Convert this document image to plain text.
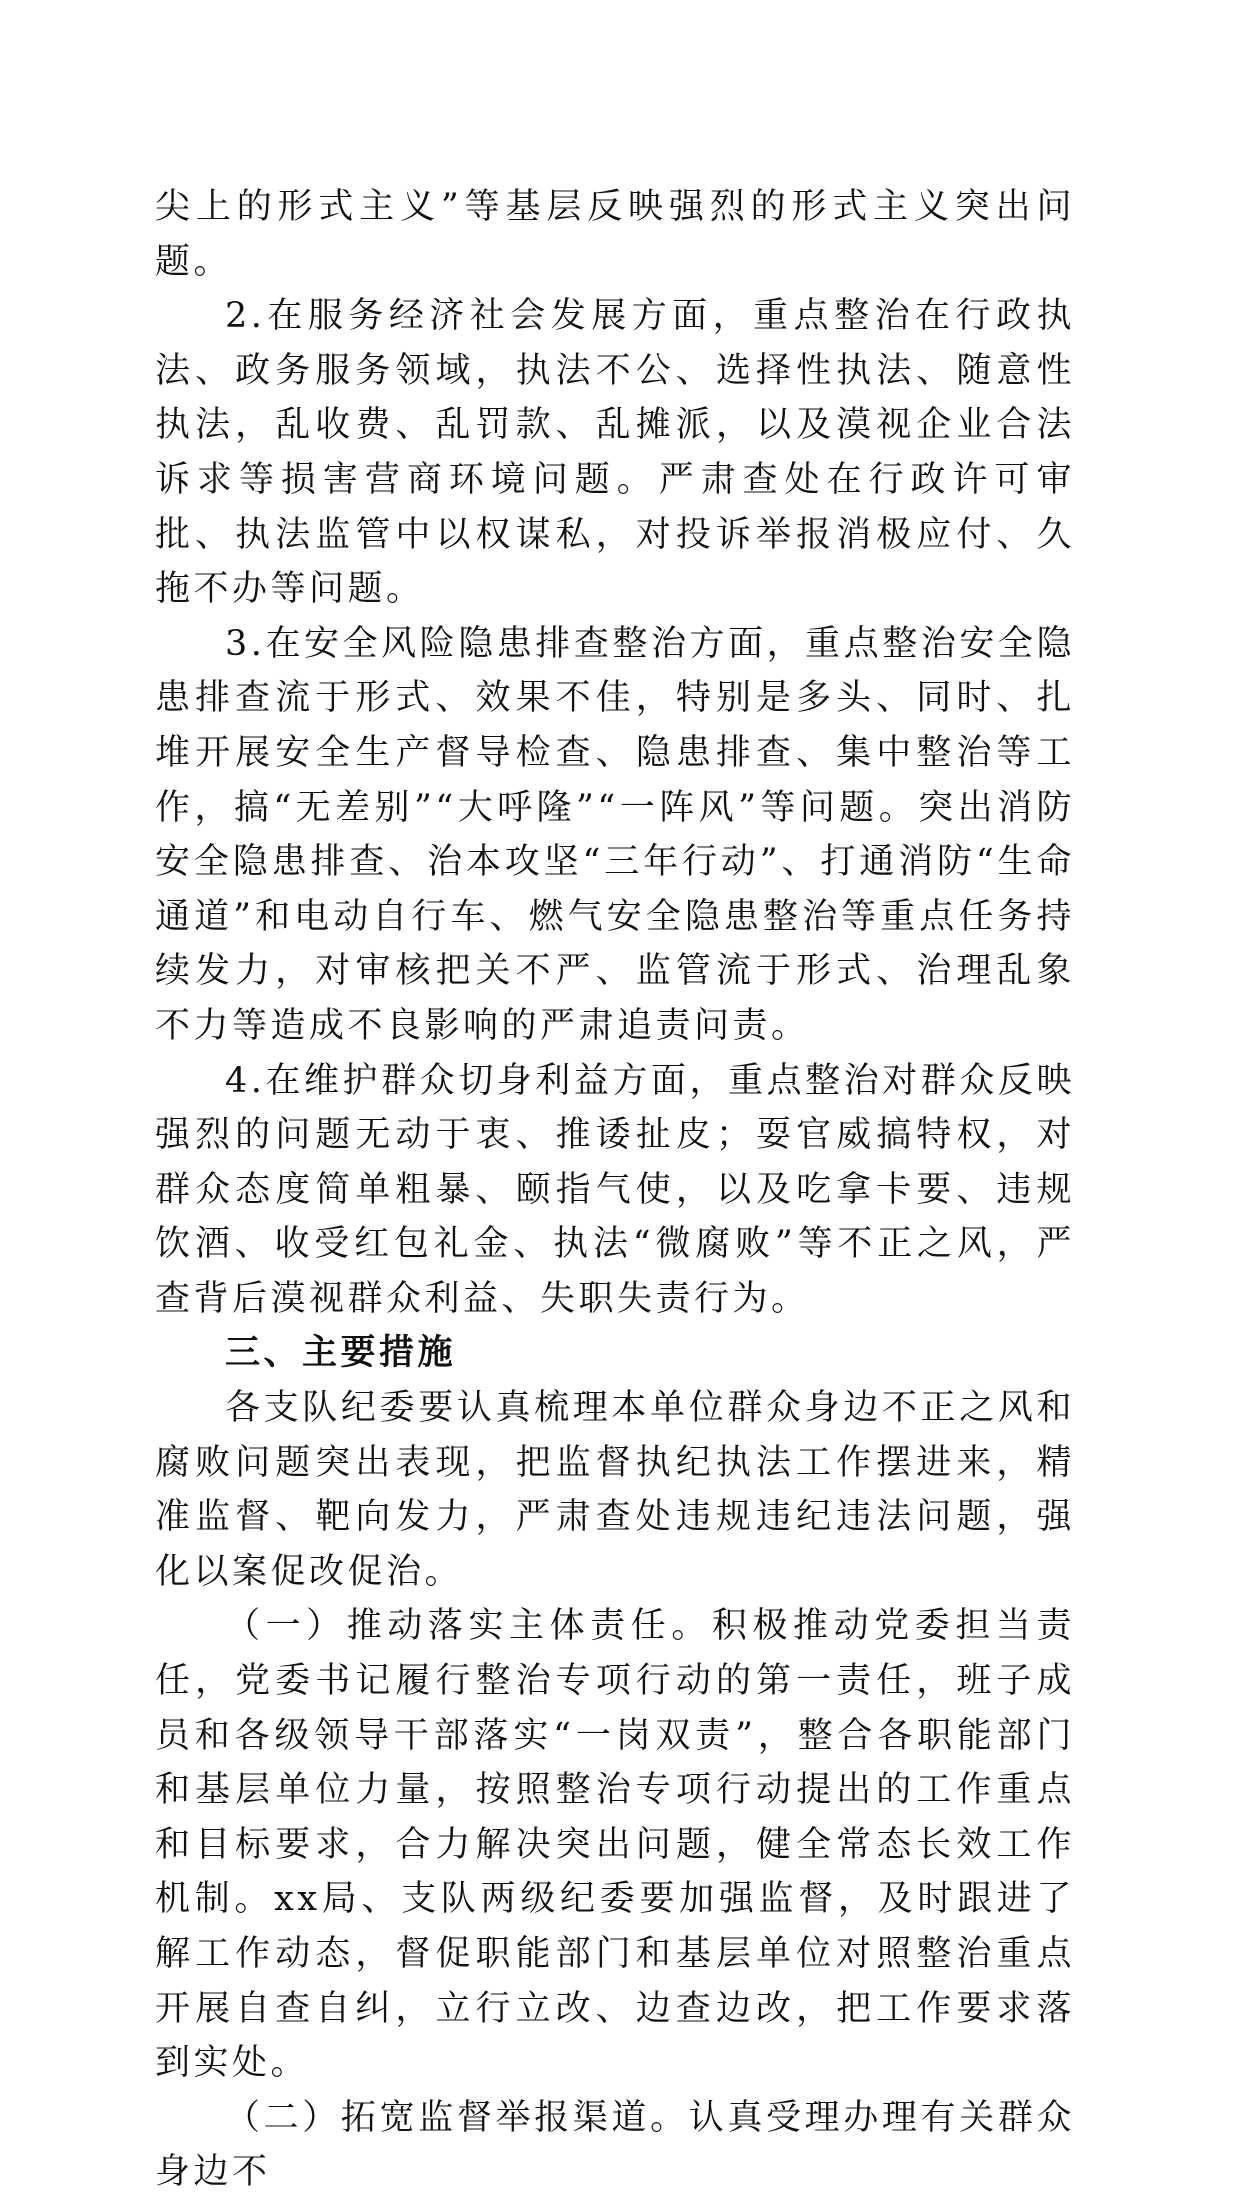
尖上的形式主义”等基层反映强烈的形式主义突出问题。

2.在服务经济社会发展方面，重点整治在行政执法、政务服务领域，执法不公、选择性执法、随意性执法，乱收费、乱罚款、乱摊派，以及漠视企业合法诉求等损害营商环境问题。严肃查处在行政许可审批、执法监管中以权谋私，对投诉举报消极应付、久拖不办等问题。

3.在安全风险隐患排查整治方面，重点整治安全隐患排查流于形式、效果不佳，特别是多头、同时、扎堆开展安全生产督导检查、隐患排查、集中整治等工作，搞“无差别”“大呼隆”“一阵风”等问题。突出消防安全隐患排查、治本攻坚“三年行动”、打通消防“生命通道”和电动自行车、燃气安全隐患整治等重点任务持续发力，对审核把关不严、监管流于形式、治理乱象不力等造成不良影响的严肃追责问责。

4.在维护群众切身利益方面，重点整治对群众反映强烈的问题无动于衷、推诿扯皮；耍官威搞特权，对群众态度简单粗暴、颐指气使，以及吃拿卡要、违规饮酒、收受红包礼金、执法“微腐败”等不正之风，严查背后漠视群众利益、失职失责行为。

三、主要措施

各支队纪委要认真梳理本单位群众身边不正之风和腐败问题突出表现，把监督执纪执法工作摆进来，精准监督、靶向发力，严肃查处违规违纪违法问题，强化以案促改促治。

（一）推动落实主体责任。积极推动党委担当责任，党委书记履行整治专项行动的第一责任，班子成员和各级领导干部落实“一岗双责”，整合各职能部门和基层单位力量，按照整治专项行动提出的工作重点和目标要求，合力解决突出问题，健全常态长效工作机制。xx局、支队两级纪委要加强监督，及时跟进了解工作动态，督促职能部门和基层单位对照整治重点开展自查自纠，立行立改、边查边改，把工作要求落到实处。

（二）拓宽监督举报渠道。认真受理办理有关群众身边不
